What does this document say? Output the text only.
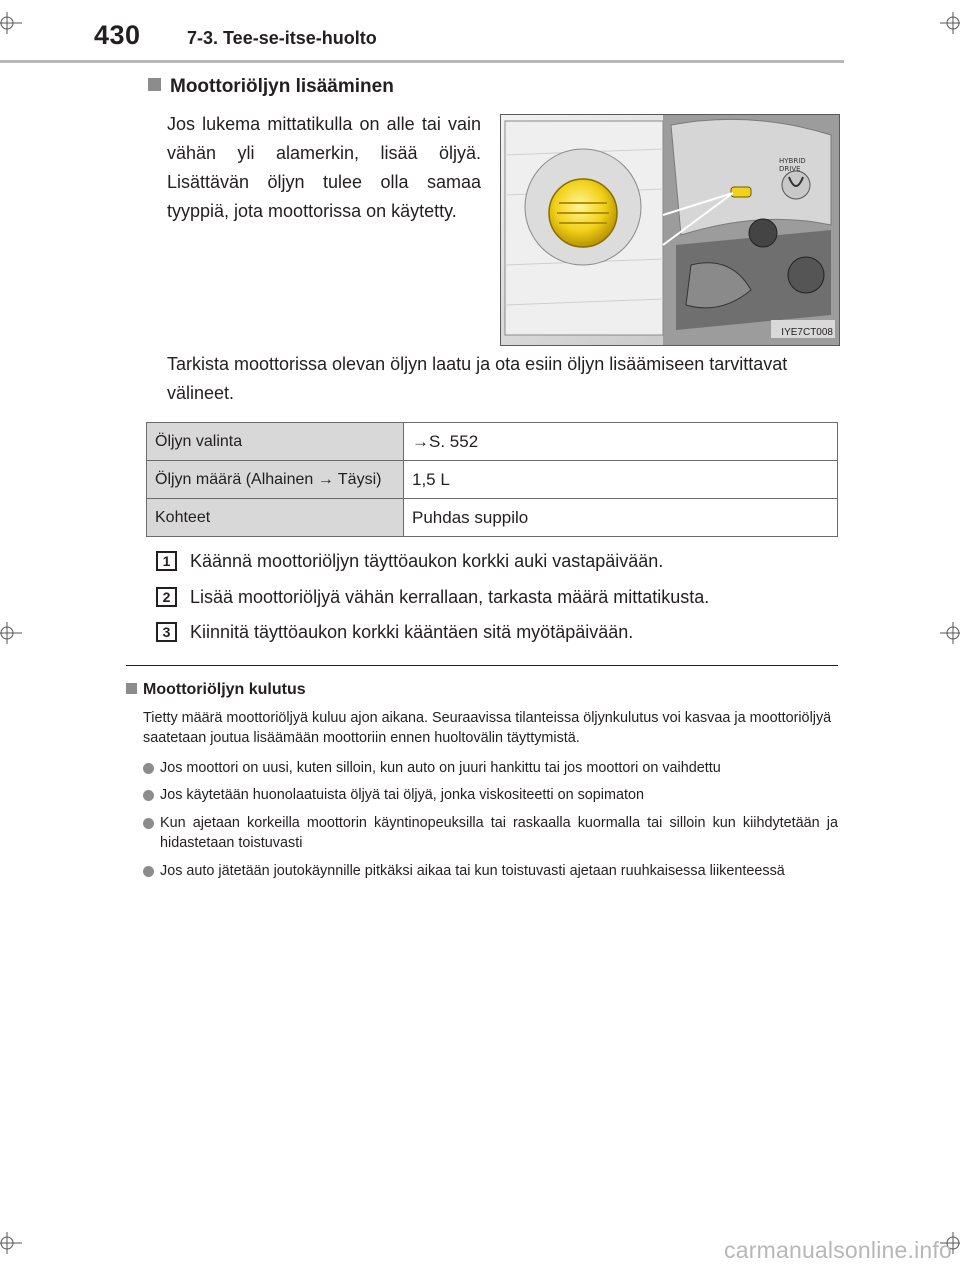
430	7-3. Tee-se-itse-huolto
Moottoriöljyn lisääminen
Jos lukema mittatikulla on alle tai vain vähän yli alamerkin, lisää öljyä. Lisättävän öljyn tulee olla samaa tyyppiä, jota moottorissa on käytetty.
HYBRID
DRIVE
IYE7CT008
Tarkista moottorissa olevan öljyn laatu ja ota esiin öljyn lisäämiseen tarvittavat välineet.
Öljyn valinta	→S. 552
Öljyn määrä (Alhainen → Täysi)	1,5 L
Kohteet	Puhdas suppilo
1 Käännä moottoriöljyn täyttöaukon korkki auki vastapäivään.
2 Lisää moottoriöljyä vähän kerrallaan, tarkasta määrä mittatikusta.
3 Kiinnitä täyttöaukon korkki kääntäen sitä myötäpäivään.
Moottoriöljyn kulutus
Tietty määrä moottoriöljyä kuluu ajon aikana. Seuraavissa tilanteissa öljynkulutus voi kasvaa ja moottoriöljyä saatetaan joutua lisäämään moottoriin ennen huoltovälin täyttymistä.
Jos moottori on uusi, kuten silloin, kun auto on juuri hankittu tai jos moottori on vaihdettu
Jos käytetään huonolaatuista öljyä tai öljyä, jonka viskositeetti on sopimaton
Kun ajetaan korkeilla moottorin käyntinopeuksilla tai raskaalla kuormalla tai silloin kun kiihdytetään ja hidastetaan toistuvasti
Jos auto jätetään joutokäynnille pitkäksi aikaa tai kun toistuvasti ajetaan ruuhkaisessa liikenteessä
carmanualsonline.info
